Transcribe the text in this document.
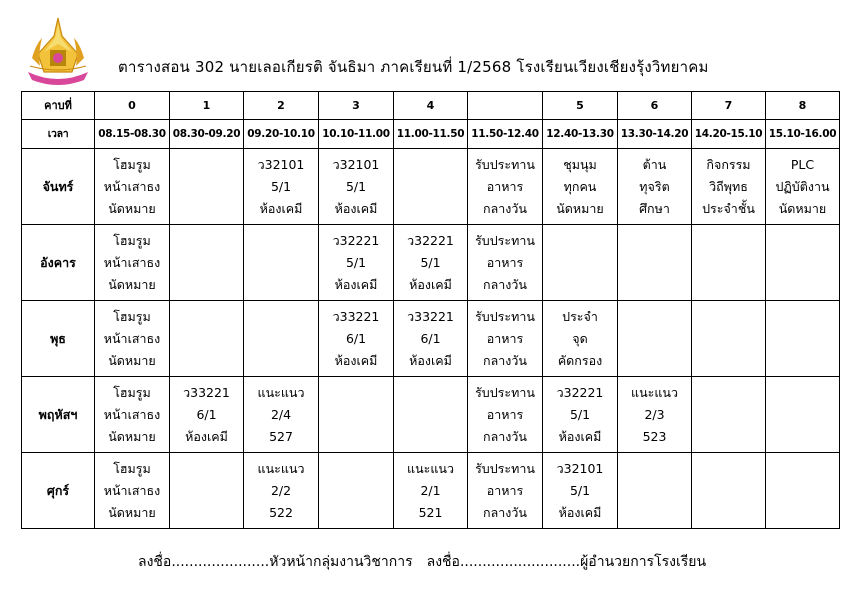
ตารางสอน 302 นายเลอเกียรติ จันธิมา ภาคเรียนที่ 1/2568 โรงเรียนเวียงเชียงรุ้งวิทยาคม
คาบที่	0	1	2	3	4		5	6	7	8
เวลา	08.15-08.30	08.30-09.20	09.20-10.10	10.10-11.00	11.00-11.50	11.50-12.40	12.40-13.30	13.30-14.20	14.20-15.10	15.10-16.00
จันทร์	โฮมรูม
หน้าเสาธง
นัดหมาย		ว32101
5/1
ห้องเคมี	ว32101
5/1
ห้องเคมี		รับประทาน
อาหาร
กลางวัน	ชุมนุม
ทุกคน
นัดหมาย	ต้าน
ทุจริต
ศึกษา	กิจกรรม
วิถีพุทธ
ประจำชั้น	PLC
ปฏิบัติงาน
นัดหมาย

อังคาร	โฮมรูม
หน้าเสาธง
นัดหมาย			ว32221
5/1
ห้องเคมี	ว32221
5/1
ห้องเคมี	รับประทาน
อาหาร
กลางวัน				

พุธ	โฮมรูม
หน้าเสาธง
นัดหมาย			ว33221
6/1
ห้องเคมี	ว33221
6/1
ห้องเคมี	รับประทาน
อาหาร
กลางวัน	ประจำ
จุด
คัดกรอง			

พฤหัสฯ	โฮมรูม
หน้าเสาธง
นัดหมาย	ว33221
6/1
ห้องเคมี	แนะแนว
2/4
527			รับประทาน
อาหาร
กลางวัน	ว32221
5/1
ห้องเคมี	แนะแนว
2/3
523		

ศุกร์	โฮมรูม
หน้าเสาธง
นัดหมาย		แนะแนว
2/2
522		แนะแนว
2/1
521	รับประทาน
อาหาร
กลางวัน	ว32101
5/1
ห้องเคมี			

ลงชื่อ......................หัวหน้ากลุ่มงานวิชาการ ลงชื่อ...........................ผู้อำนวยการโรงเรียน
